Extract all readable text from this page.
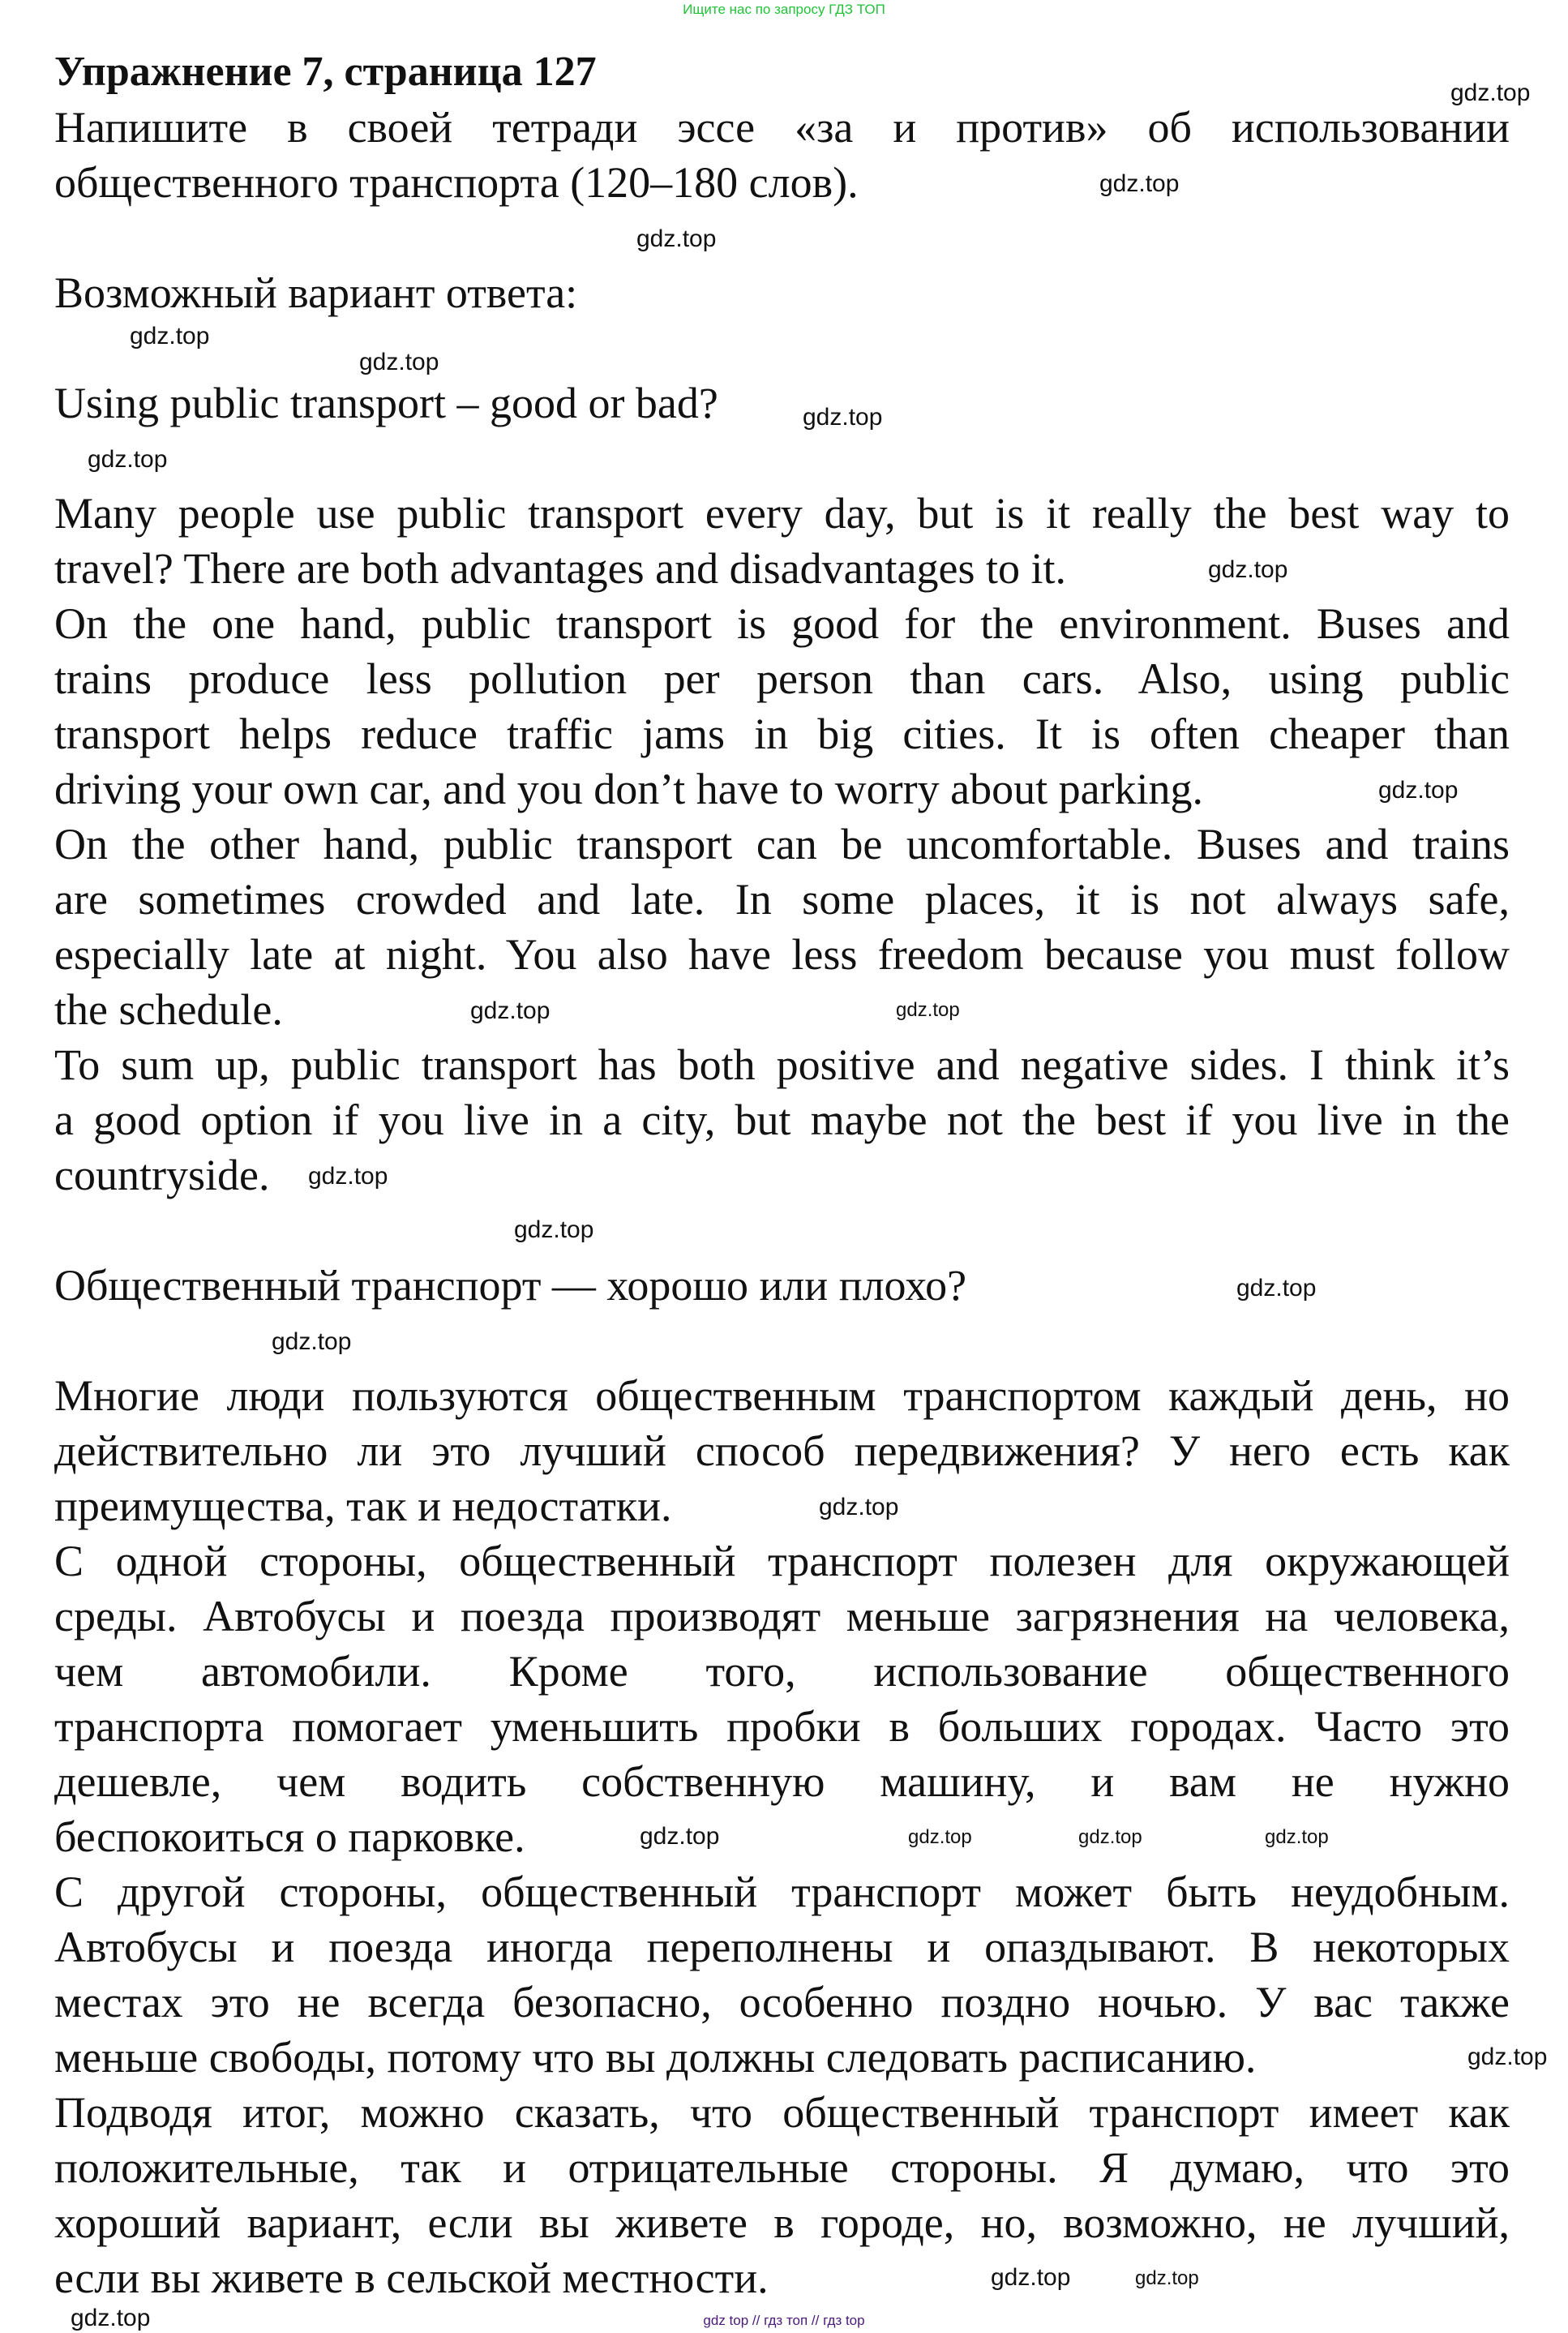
Ищите нас по запросу ГДЗ ТОП
Упражнение 7, страница 127
Напишите в своей тетради эссе «за и против» об использовании
общественного транспорта (120–180 слов).
Возможный вариант ответа:
Using public transport – good or bad?
Many people use public transport every day, but is it really the best way to
travel? There are both advantages and disadvantages to it.
On the one hand, public transport is good for the environment. Buses and
trains produce less pollution per person than cars. Also, using public
transport helps reduce traffic jams in big cities. It is often cheaper than
driving your own car, and you don’t have to worry about parking.
On the other hand, public transport can be uncomfortable. Buses and trains
are sometimes crowded and late. In some places, it is not always safe,
especially late at night. You also have less freedom because you must follow
the schedule.
To sum up, public transport has both positive and negative sides. I think it’s
a good option if you live in a city, but maybe not the best if you live in the
countryside.
Общественный транспорт — хорошо или плохо?
Многие люди пользуются общественным транспортом каждый день, но
действительно ли это лучший способ передвижения? У него есть как
преимущества, так и недостатки.
С одной стороны, общественный транспорт полезен для окружающей
среды. Автобусы и поезда производят меньше загрязнения на человека,
чем автомобили. Кроме того, использование общественного
транспорта помогает уменьшить пробки в больших городах. Часто это
дешевле, чем водить собственную машину, и вам не нужно
беспокоиться о парковке.
С другой стороны, общественный транспорт может быть неудобным.
Автобусы и поезда иногда переполнены и опаздывают. В некоторых
местах это не всегда безопасно, особенно поздно ночью. У вас также
меньше свободы, потому что вы должны следовать расписанию.
Подводя итог, можно сказать, что общественный транспорт имеет как
положительные, так и отрицательные стороны. Я думаю, что это
хороший вариант, если вы живете в городе, но, возможно, не лучший,
если вы живете в сельской местности.
gdz.top
gdz.top
gdz.top
gdz.top
gdz.top
gdz.top
gdz.top
gdz.top
gdz.top
gdz.top	gdz.top
gdz.top
gdz.top
gdz.top
gdz.top
gdz.top
gdz.top	gdz.top
gdz.top	gdz.top
gdz.top
gdz.top
gdz.top
gdz.top	gdz top // гдз топ // гдз top
